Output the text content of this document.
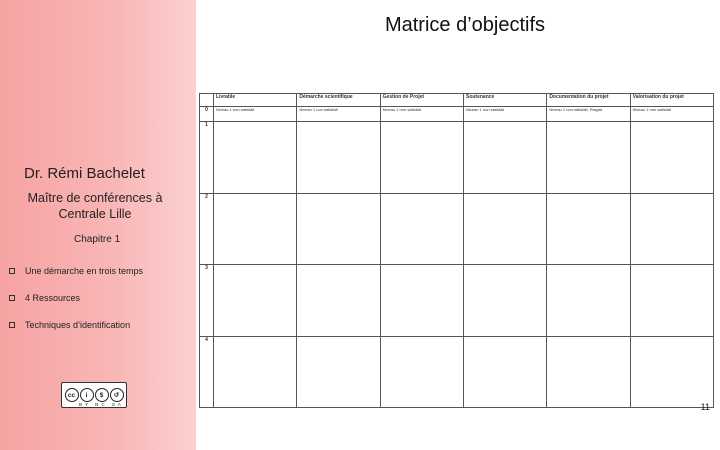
Matrice d’objectifs
Dr. Rémi Bachelet
Maître de conférences à Centrale Lille
Chapitre 1
Une démarche en trois temps
4 Ressources
Techniques d’identification
cc	i	$	↺
BY NC SA
	Livrable	Démarche scientifique	Gestion de Projet	Soutenance	Documentation du projet	Valorisation du projet
0	Niveau 1 non satisfait	Niveau 1 non satisfait	Niveau 1 non satisfait	Niveau 1 non satisfait	Niveau 1 non satisfait, Plagiat	Niveau 1 non satisfait
1						
2						
3						
4						
11
